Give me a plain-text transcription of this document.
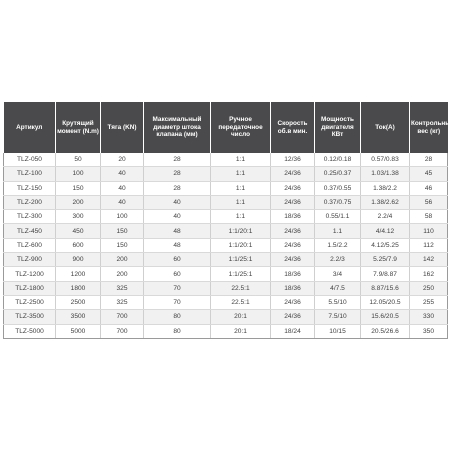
Артикул	Крутящий момент (N.m)	Тяга (KN)	Максимальный диаметр штока клапана (мм)	Ручное передаточное число	Скорость об.в мин.	Мощность двигателя КВт	Ток(А)	Контрольный вес (кг)
TLZ-050	50	20	28	1:1	12/36	0.12/0.18	0.57/0.83	28
TLZ-100	100	40	28	1:1	24/36	0.25/0.37	1.03/1.38	45
TLZ-150	150	40	28	1:1	24/36	0.37/0.55	1.38/2.2	46
TLZ-200	200	40	40	1:1	24/36	0.37/0.75	1.38/2.62	56
TLZ-300	300	100	40	1:1	18/36	0.55/1.1	2.2/4	58
TLZ-450	450	150	48	1:1/20:1	24/36	1.1	4/4.12	110
TLZ-600	600	150	48	1:1/20:1	24/36	1.5/2.2	4.12/5.25	112
TLZ-900	900	200	60	1:1/25:1	24/36	2.2/3	5.25/7.9	142
TLZ-1200	1200	200	60	1:1/25:1	18/36	3/4	7.9/8.87	162
TLZ-1800	1800	325	70	22.5:1	18/36	4/7.5	8.87/15.6	250
TLZ-2500	2500	325	70	22.5:1	24/36	5.5/10	12.05/20.5	255
TLZ-3500	3500	700	80	20:1	24/36	7.5/10	15.6/20.5	330
TLZ-5000	5000	700	80	20:1	18/24	10/15	20.5/26.6	350
